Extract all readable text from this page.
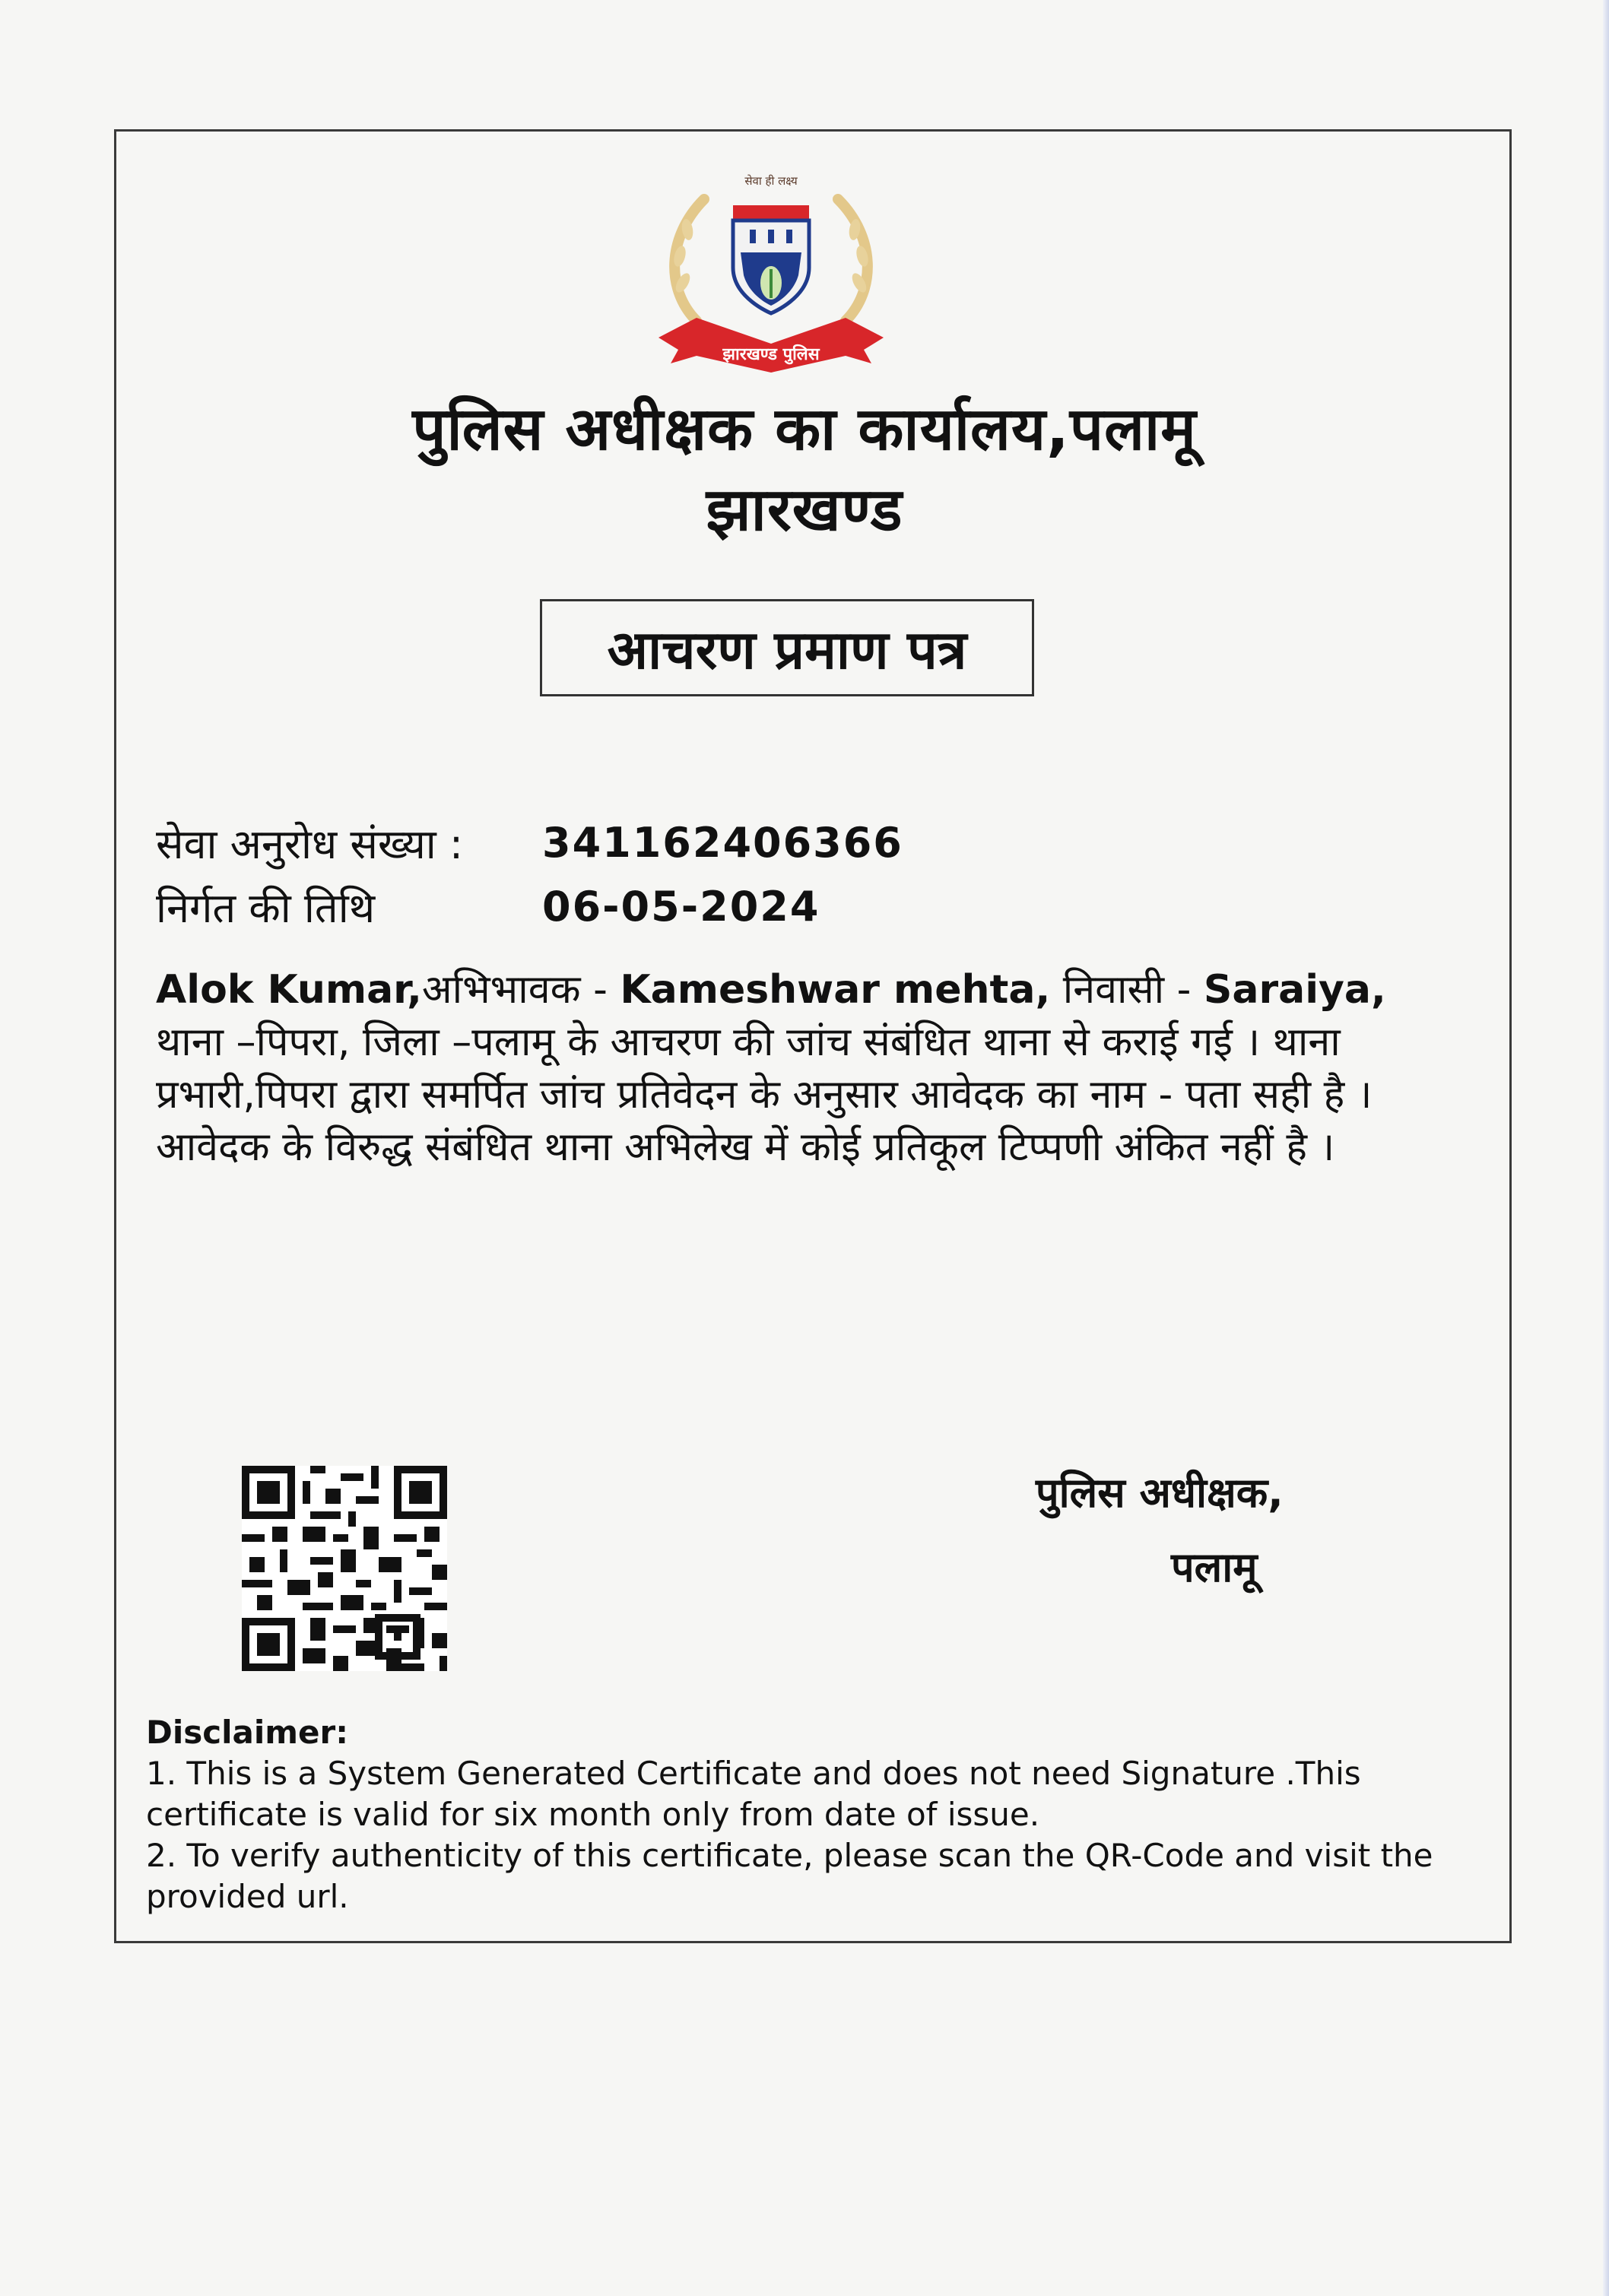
सेवा ही लक्ष्य
झारखण्ड पुलिस
पुलिस अधीक्षक का कार्यालय,पलामू
झारखण्ड
आचरण प्रमाण पत्र
सेवा अनुरोध संख्या :	341162406366
निर्गत की तिथि	06-05-2024

Alok Kumar,अभिभावक - Kameshwar mehta, निवासी - Saraiya, थाना –पिपरा, जिला –पलामू के आचरण की जांच संबंधित थाना से कराई गई । थाना प्रभारी,पिपरा द्वारा समर्पित जांच प्रतिवेदन के अनुसार आवेदक का नाम - पता सही है । आवेदक के विरुद्ध संबंधित थाना अभिलेख में कोई प्रतिकूल टिप्पणी अंकित नहीं है ।

पुलिस अधीक्षक,
पलामू
Disclaimer:
1. This is a System Generated Certificate and does not need Signature .This certificate is valid for six month only from date of issue.
2. To verify authenticity of this certificate, please scan the QR-Code and visit the provided url.
